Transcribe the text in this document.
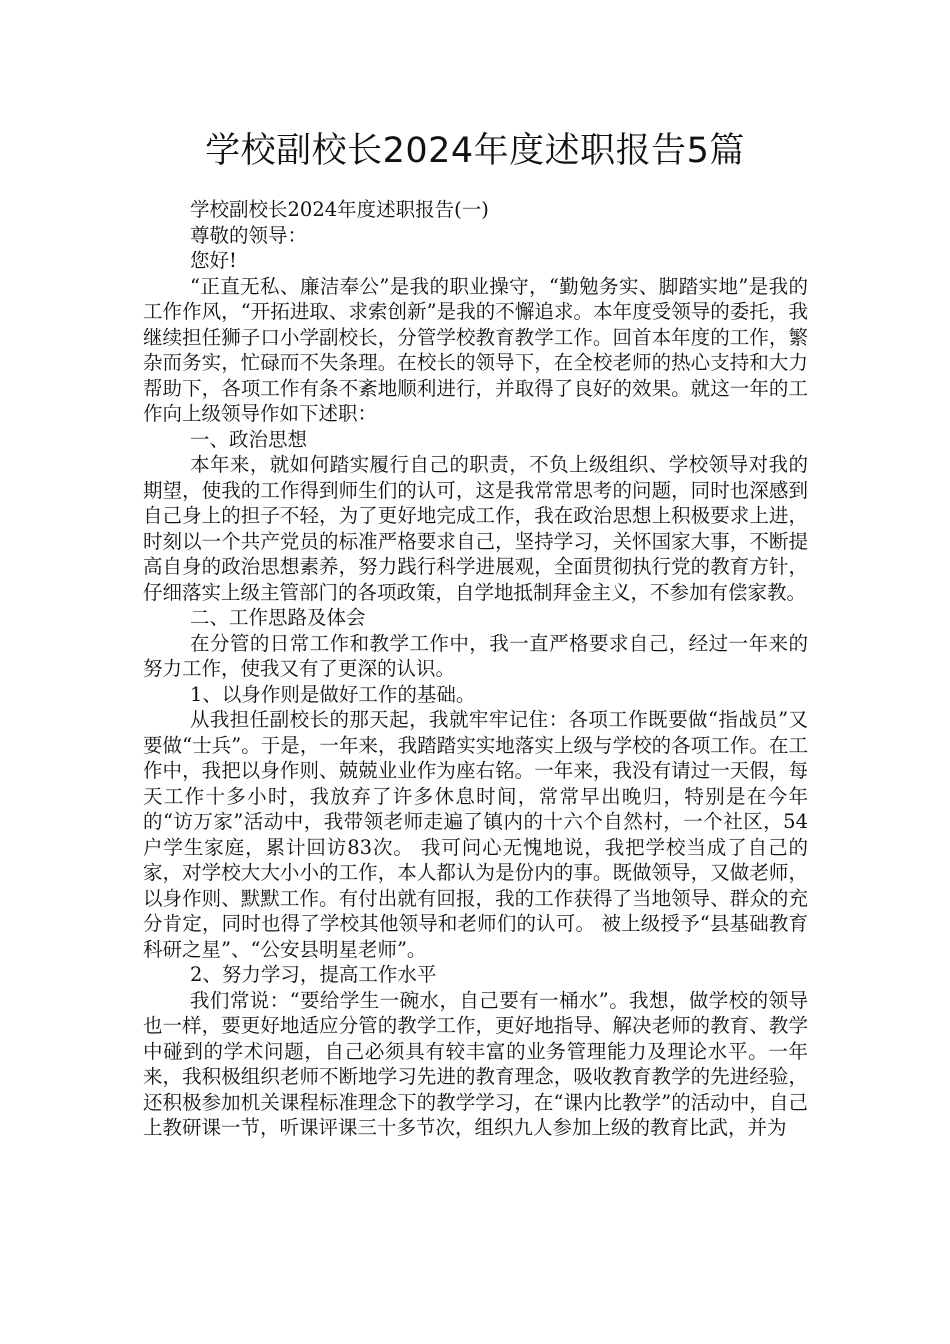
学校副校长2024年度述职报告5篇

学校副校长2024年度述职报告(一)

尊敬的领导：

您好!

“正直无私、廉洁奉公”是我的职业操守，“勤勉务实、脚踏实地”是我的工作作风，“开拓进取、求索创新”是我的不懈追求。本年度受领导的委托，我继续担任狮子口小学副校长，分管学校教育教学工作。回首本年度的工作，繁杂而务实，忙碌而不失条理。在校长的领导下，在全校老师的热心支持和大力帮助下，各项工作有条不紊地顺利进行，并取得了良好的效果。就这一年的工作向上级领导作如下述职：

一、政治思想

本年来，就如何踏实履行自己的职责，不负上级组织、学校领导对我的期望，使我的工作得到师生们的认可，这是我常常思考的问题，同时也深感到自己身上的担子不轻，为了更好地完成工作，我在政治思想上积极要求上进，时刻以一个共产党员的标准严格要求自己，坚持学习，关怀国家大事，不断提高自身的政治思想素养，努力践行科学进展观，全面贯彻执行党的教育方针，仔细落实上级主管部门的各项政策，自学地抵制拜金主义，不参加有偿家教。

二、工作思路及体会

在分管的日常工作和教学工作中，我一直严格要求自己，经过一年来的努力工作，使我又有了更深的认识。

1、以身作则是做好工作的基础。

从我担任副校长的那天起，我就牢牢记住：各项工作既要做“指战员”又要做“士兵”。于是，一年来，我踏踏实实地落实上级与学校的各项工作。在工作中，我把以身作则、兢兢业业作为座右铭。一年来，我没有请过一天假，每天工作十多小时，我放弃了许多休息时间，常常早出晚归，特别是在今年的“访万家”活动中，我带领老师走遍了镇内的十六个自然村，一个社区，54户学生家庭，累计回访83次。 我可问心无愧地说，我把学校当成了自己的家，对学校大大小小的工作，本人都认为是份内的事。既做领导，又做老师，以身作则、默默工作。有付出就有回报，我的工作获得了当地领导、群众的充分肯定，同时也得了学校其他领导和老师们的认可。 被上级授予“县基础教育科研之星”、“公安县明星老师”。

2、努力学习，提高工作水平

我们常说：“要给学生一碗水，自己要有一桶水”。我想，做学校的领导也一样，要更好地适应分管的教学工作，更好地指导、解决老师的教育、教学中碰到的学术问题，自己必须具有较丰富的业务管理能力及理论水平。一年来，我积极组织老师不断地学习先进的教育理念，吸收教育教学的先进经验，还积极参加机关课程标准理念下的教学学习，在“课内比教学”的活动中，自己上教研课一节，听课评课三十多节次，组织九人参加上级的教育比武，并为
